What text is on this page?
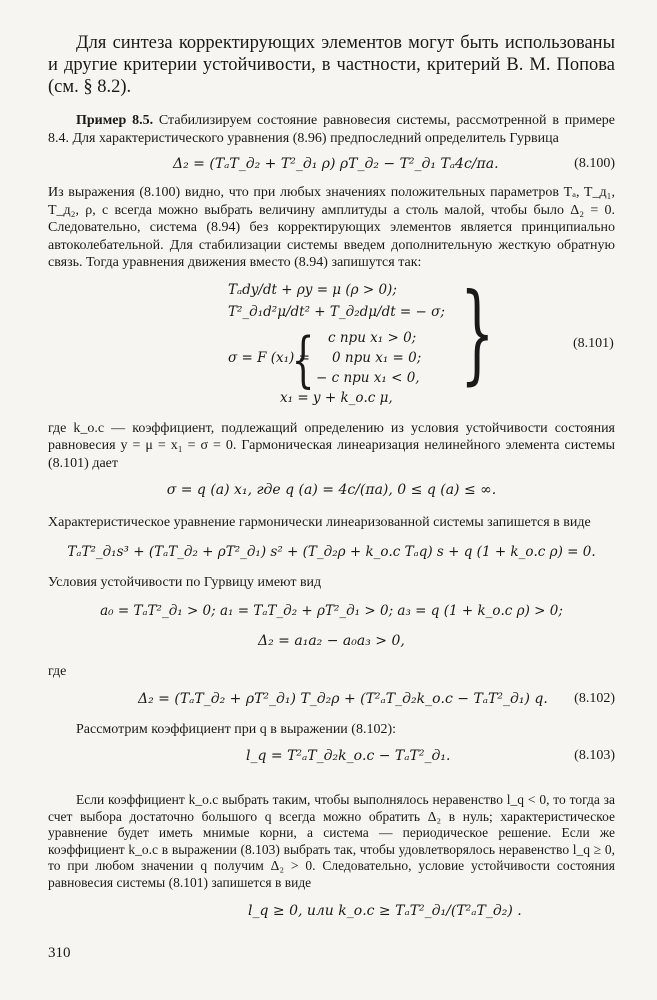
Для синтеза корректирующих элементов могут быть использованы и другие критерии устойчивости, в частности, критерий В. М. Попова (см. § 8.2).

Пример 8.5. Стабилизируем состояние равновесия системы, рассмотренной в примере 8.4. Для характеристического уравнения (8.96) предпоследний определитель Гурвица

Δ₂ = (TₐT_д₂ + T²_д₁ ρ) ρT_д₂ − T²_д₁ Tₐ4c/πa.	(8.100)

Из выражения (8.100) видно, что при любых значениях положительных параметров Tₐ, T_д₁, T_д₂, ρ, c всегда можно выбрать величину амплитуды a столь малой, чтобы было Δ₂ = 0. Следовательно, система (8.94) без корректирующих элементов является принципиально автоколебательной. Для стабилизации системы введем дополнительную жесткую обратную связь. Тогда уравнения движения вместо (8.94) запишутся так:

Tₐdy/dt + ρy = μ (ρ > 0);
T²_д₁d²μ/dt² + T_д₂dμ/dt = − σ;
c при x₁ > 0;
σ = F (x₁) =
{ 0 при x₁ = 0;
− c при x₁ < 0,
x₁ = y + k_о.с μ,
}	(8.101)

где k_о.с — коэффициент, подлежащий определению из условия устойчивости состояния равновесия y = μ = x₁ = σ = 0. Гармоническая линеаризация нелинейного элемента системы (8.101) дает

σ = q (a) x₁, где q (a) = 4c/(πa), 0 ≤ q (a) ≤ ∞.

Характеристическое уравнение гармонически линеаризованной системы запишется в виде

TₐT²_д₁s³ + (TₐT_д₂ + ρT²_д₁) s² + (T_д₂ρ + k_о.с Tₐq) s + q (1 + k_о.с ρ) = 0.

Условия устойчивости по Гурвицу имеют вид

a₀ = TₐT²_д₁ > 0; a₁ = TₐT_д₂ + ρT²_д₁ > 0; a₃ = q (1 + k_о.с ρ) > 0;
Δ₂ = a₁a₂ − a₀a₃ > 0,

где

Δ₂ = (TₐT_д₂ + ρT²_д₁) T_д₂ρ + (T²ₐT_д₂k_о.с − TₐT²_д₁) q. (8.102)

Рассмотрим коэффициент при q в выражении (8.102):

l_q = T²ₐT_д₂k_о.с − TₐT²_д₁.	(8.103)

Если коэффициент k_о.с выбрать таким, чтобы выполнялось неравенство l_q < 0, то тогда за счет выбора достаточно большого q всегда можно обратить Δ₂ в нуль; характеристическое уравнение будет иметь мнимые корни, а система — периодическое решение. Если же коэффициент k_о.с в выражении (8.103) выбрать так, чтобы удовлетворялось неравенство l_q ≥ 0, то при любом значении q получим Δ₂ > 0. Следовательно, условие устойчивости состояния равновесия системы (8.101) запишется в виде

l_q ≥ 0, или k_о.с ≥ TₐT²_д₁/(T²ₐT_д₂) .
310
